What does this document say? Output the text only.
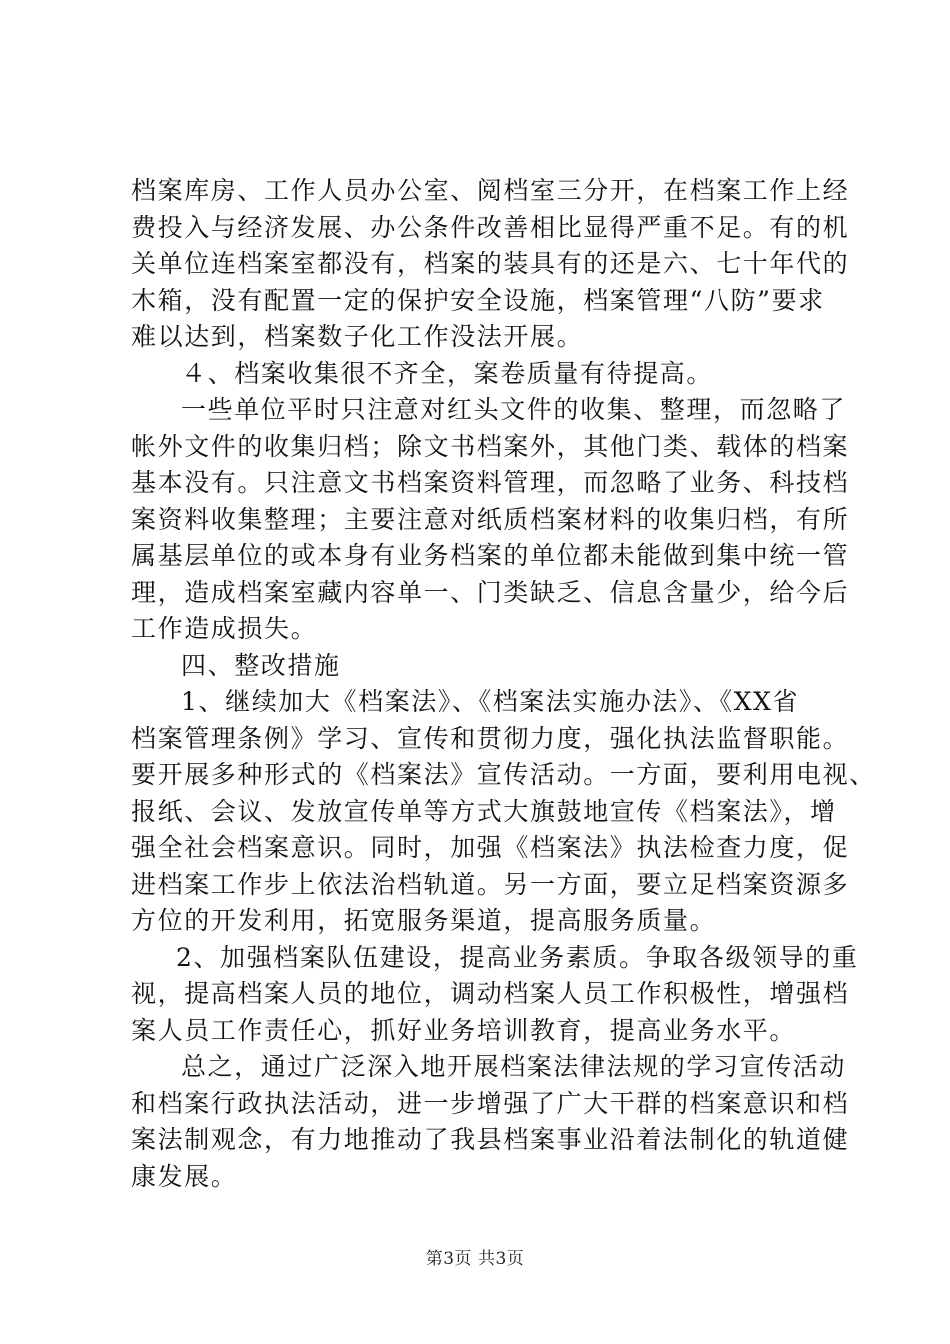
档案库房、工作人员办公室、阅档室三分开，在档案工作上经
费投入与经济发展、办公条件改善相比显得严重不足。有的机
关单位连档案室都没有，档案的装具有的还是六、七十年代的
木箱，没有配置一定的保护安全设施，档案管理“八防”要求
难以达到，档案数子化工作没法开展。
４、档案收集很不齐全，案卷质量有待提高。
一些单位平时只注意对红头文件的收集、整理，而忽略了
帐外文件的收集归档；除文书档案外，其他门类、载体的档案
基本没有。只注意文书档案资料管理，而忽略了业务、科技档
案资料收集整理；主要注意对纸质档案材料的收集归档，有所
属基层单位的或本身有业务档案的单位都未能做到集中统一管
理，造成档案室藏内容单一、门类缺乏、信息含量少，给今后
工作造成损失。
四、整改措施
1、继续加大《档案法》、《档案法实施办法》、《XX省
档案管理条例》学习、宣传和贯彻力度，强化执法监督职能。
要开展多种形式的《档案法》宣传活动。一方面，要利用电视、
报纸、会议、发放宣传单等方式大旗鼓地宣传《档案法》，增
强全社会档案意识。同时，加强《档案法》执法检查力度，促
进档案工作步上依法治档轨道。另一方面，要立足档案资源多
方位的开发利用，拓宽服务渠道，提高服务质量。
2、加强档案队伍建设，提高业务素质。争取各级领导的重
视，提高档案人员的地位，调动档案人员工作积极性，增强档
案人员工作责任心，抓好业务培训教育，提高业务水平。
总之，通过广泛深入地开展档案法律法规的学习宣传活动
和档案行政执法活动，进一步增强了广大干群的档案意识和档
案法制观念，有力地推动了我县档案事业沿着法制化的轨道健
康发展。
第3页 共3页
